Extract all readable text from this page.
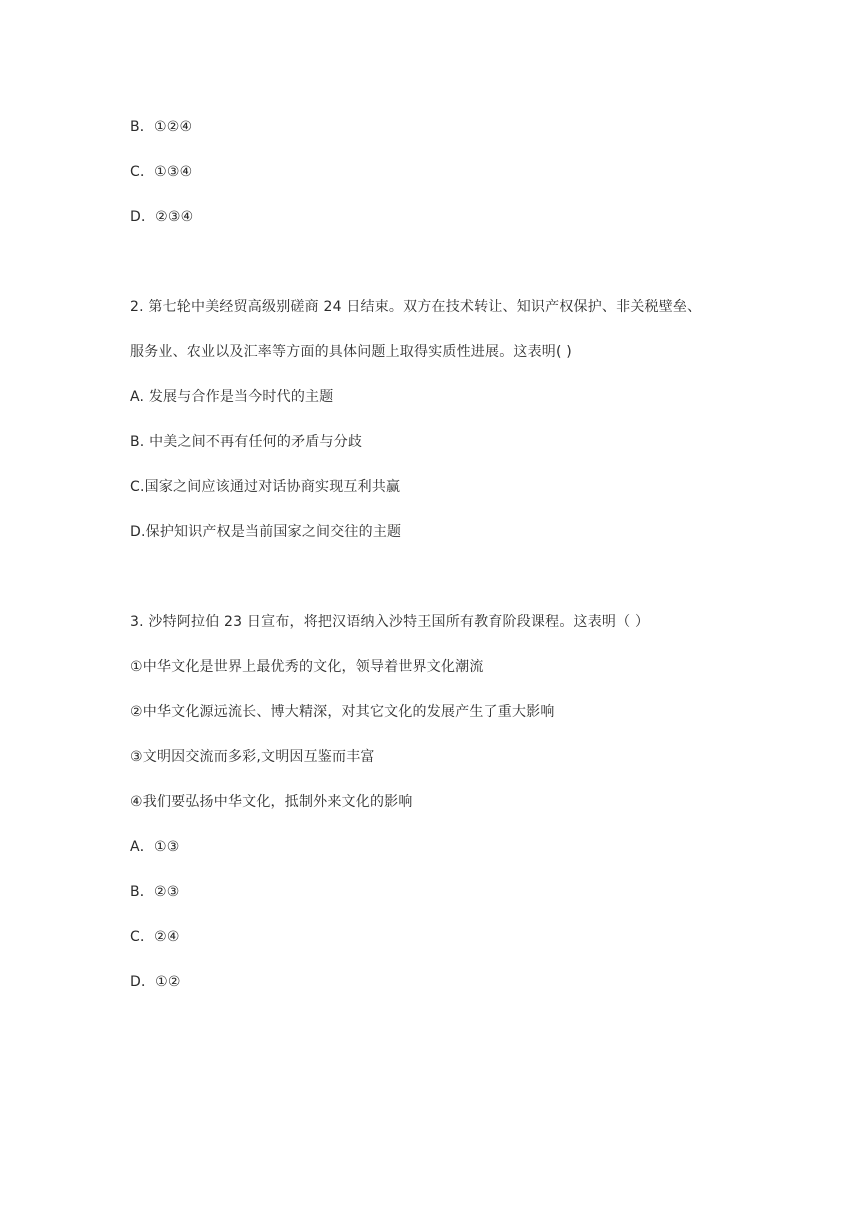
B．①②④
C．①③④
D．②③④
2. 第七轮中美经贸高级别磋商 24 日结束。双方在技术转让、知识产权保护、非关税壁垒、
服务业、农业以及汇率等方面的具体问题上取得实质性进展。这表明( )
A. 发展与合作是当今时代的主题
B. 中美之间不再有任何的矛盾与分歧
C.国家之间应该通过对话协商实现互利共赢
D.保护知识产权是当前国家之间交往的主题
3. 沙特阿拉伯 23 日宣布，将把汉语纳入沙特王国所有教育阶段课程。这表明（ ）
①中华文化是世界上最优秀的文化，领导着世界文化潮流
②中华文化源远流长、博大精深，对其它文化的发展产生了重大影响
③文明因交流而多彩,文明因互鉴而丰富
④我们要弘扬中华文化，抵制外来文化的影响
A．①③
B．②③
C．②④
D．①②
